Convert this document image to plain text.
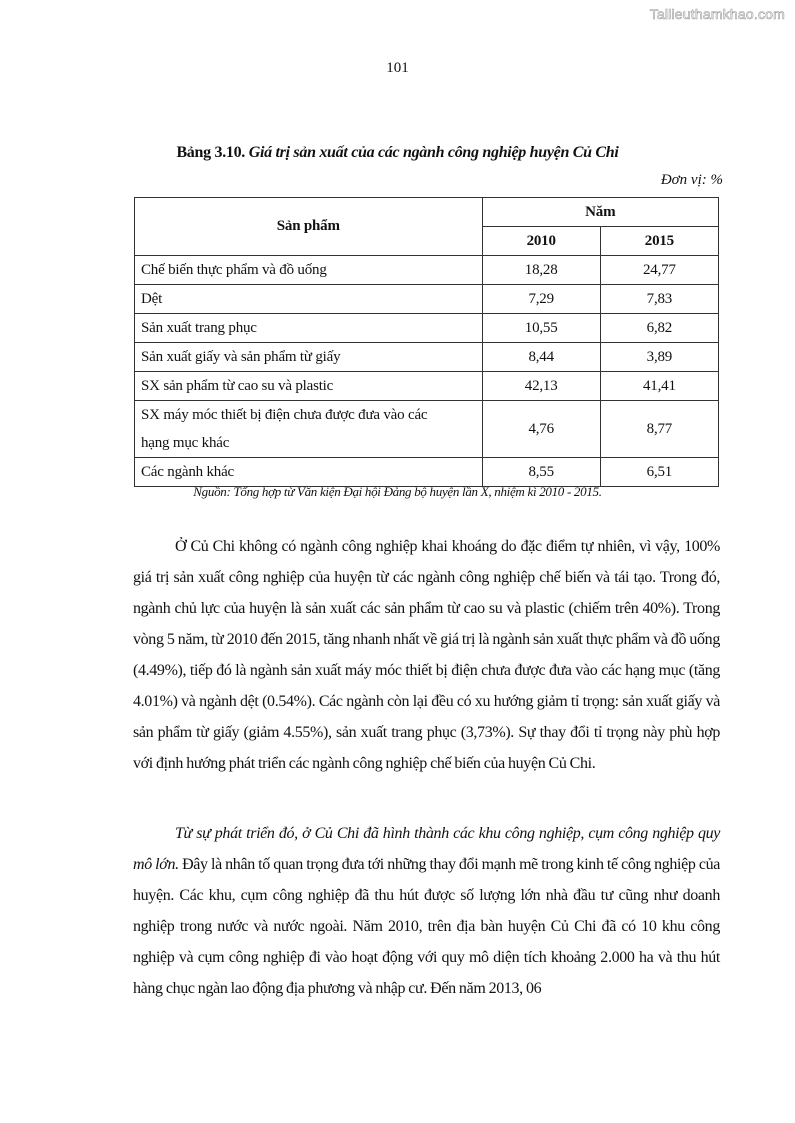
Tailieuthamkhao.com
101
Bảng 3.10. Giá trị sản xuất của các ngành công nghiệp huyện Củ Chi
Đơn vị: %
Sản phẩm	Năm	
	2010	2015
Chế biến thực phẩm và đồ uống	18,28	24,77
Dệt	7,29	7,83
Sản xuất trang phục	10,55	6,82
Sản xuất giấy và sản phẩm từ giấy	8,44	3,89
SX sản phẩm từ cao su và plastic	42,13	41,41
SX máy móc thiết bị điện chưa được đưa vào các
hạng mục khác	4,76	8,77
Các ngành khác	8,55	6,51
Nguồn: Tổng hợp từ Văn kiện Đại hội Đảng bộ huyện lần X, nhiệm kì 2010 - 2015.

Ở Củ Chi không có ngành công nghiệp khai khoáng do đặc điểm tự nhiên, vì vậy, 100% giá trị sản xuất công nghiệp của huyện từ các ngành công nghiệp chế biến và tái tạo. Trong đó, ngành chủ lực của huyện là sản xuất các sản phẩm từ cao su và plastic (chiếm trên 40%). Trong vòng 5 năm, từ 2010 đến 2015, tăng nhanh nhất về giá trị là ngành sản xuất thực phẩm và đồ uống (4.49%), tiếp đó là ngành sản xuất máy móc thiết bị điện chưa được đưa vào các hạng mục (tăng 4.01%) và ngành dệt (0.54%). Các ngành còn lại đều có xu hướng giảm tỉ trọng: sản xuất giấy và sản phẩm từ giấy (giảm 4.55%), sản xuất trang phục (3,73%). Sự thay đổi tỉ trọng này phù hợp với định hướng phát triển các ngành công nghiệp chế biến của huyện Củ Chi.

Từ sự phát triển đó, ở Củ Chi đã hình thành các khu công nghiệp, cụm công nghiệp quy mô lớn. Đây là nhân tố quan trọng đưa tới những thay đổi mạnh mẽ trong kinh tế công nghiệp của huyện. Các khu, cụm công nghiệp đã thu hút được số lượng lớn nhà đầu tư cũng như doanh nghiệp trong nước và nước ngoài. Năm 2010, trên địa bàn huyện Củ Chi đã có 10 khu công nghiệp và cụm công nghiệp đi vào hoạt động với quy mô diện tích khoảng 2.000 ha và thu hút hàng chục ngàn lao động địa phương và nhập cư. Đến năm 2013, 06
